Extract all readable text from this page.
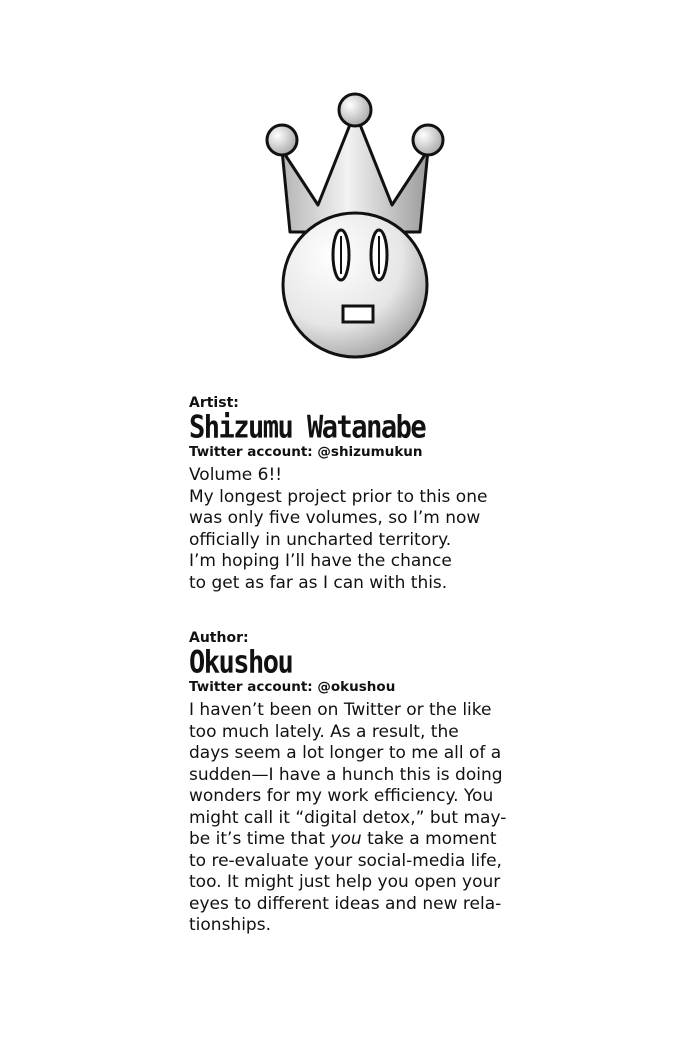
Artist:

Shizumu Watanabe

Twitter account: @shizumukun

Volume 6!!
My longest project prior to this one
was only five volumes, so I’m now
officially in uncharted territory.
I’m hoping I’ll have the chance
to get as far as I can with this.

Author:

Okushou

Twitter account: @okushou

I haven’t been on Twitter or the like
too much lately. As a result, the
days seem a lot longer to me all of a
sudden—I have a hunch this is doing
wonders for my work efficiency. You
might call it “digital detox,” but may-
be it’s time that you take a moment
to re-evaluate your social-media life,
too. It might just help you open your
eyes to different ideas and new rela-
tionships.
